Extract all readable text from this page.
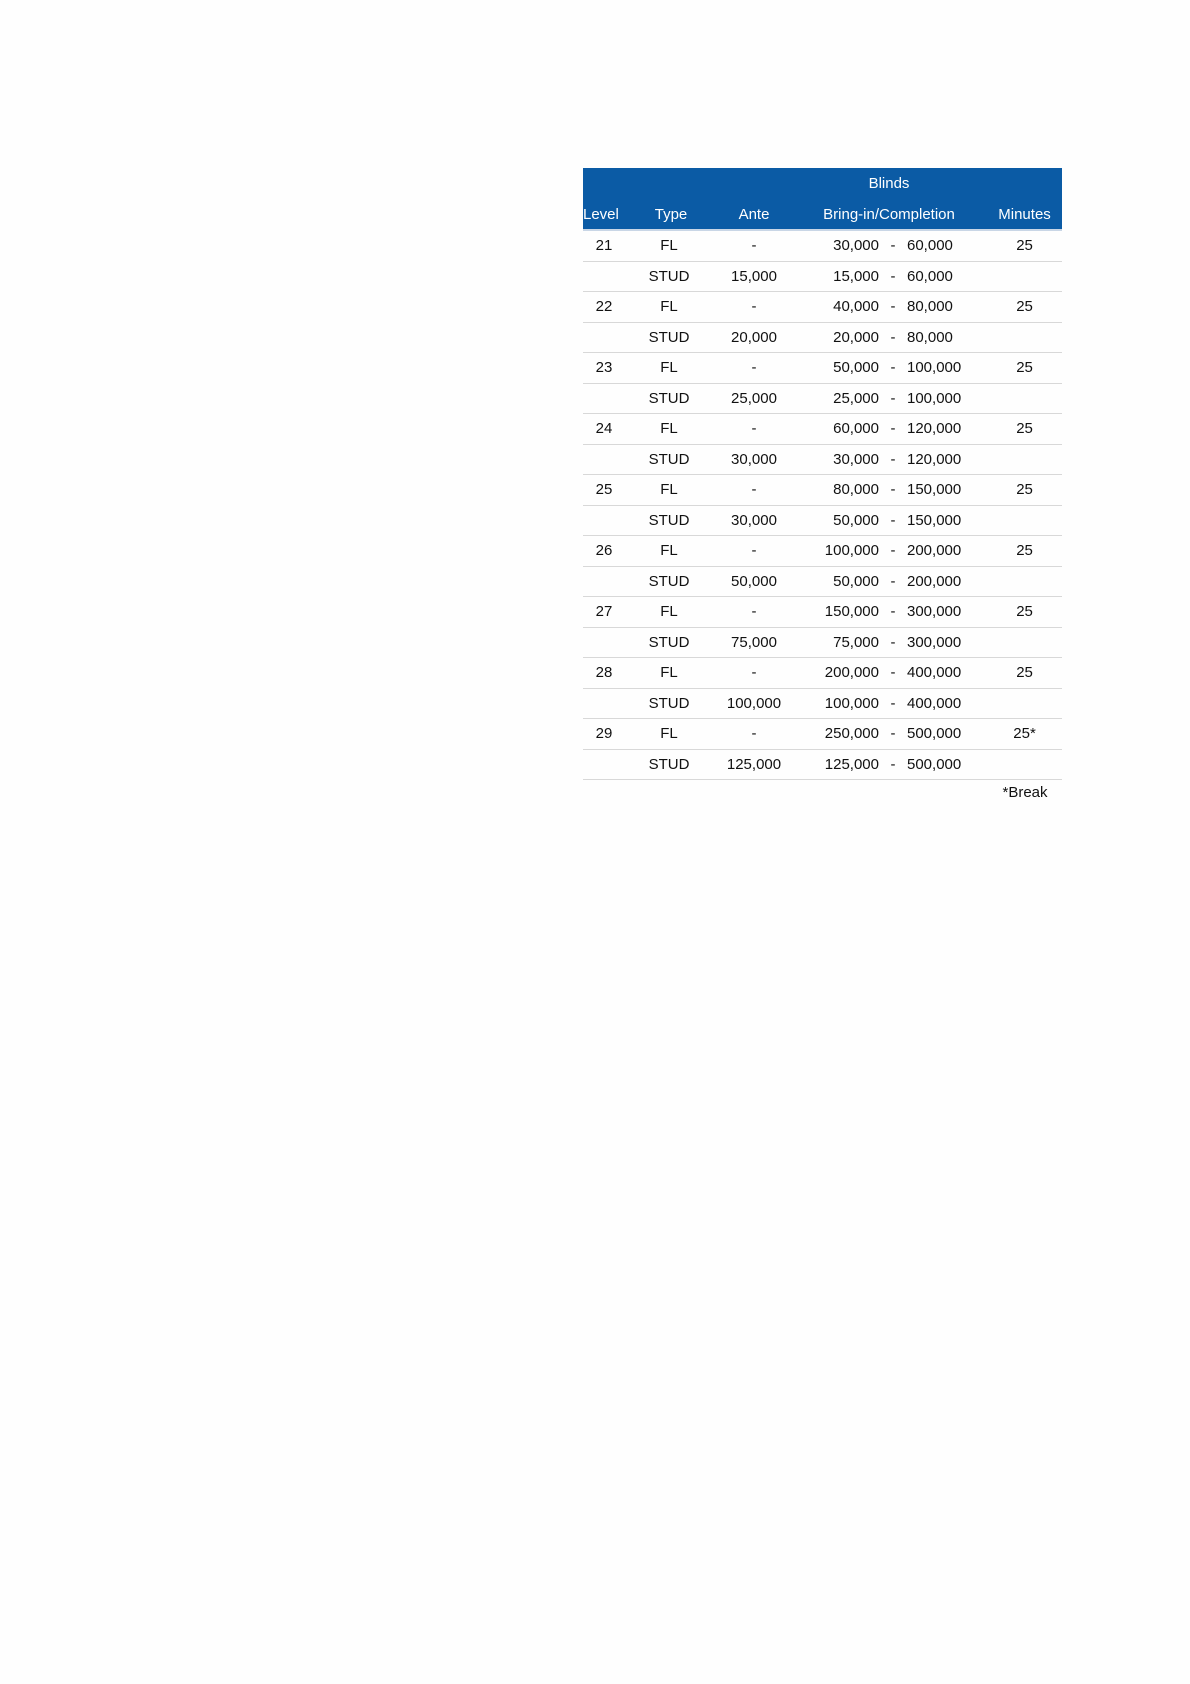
			Blinds			
Level	Type	Ante	Bring-in/Completion			Minutes
21	FL	-	30,000	-	60,000	25
	STUD	15,000	15,000	-	60,000	
22	FL	-	40,000	-	80,000	25
	STUD	20,000	20,000	-	80,000	
23	FL	-	50,000	-	100,000	25
	STUD	25,000	25,000	-	100,000	
24	FL	-	60,000	-	120,000	25
	STUD	30,000	30,000	-	120,000	
25	FL	-	80,000	-	150,000	25
	STUD	30,000	50,000	-	150,000	
26	FL	-	100,000	-	200,000	25
	STUD	50,000	50,000	-	200,000	
27	FL	-	150,000	-	300,000	25
	STUD	75,000	75,000	-	300,000	
28	FL	-	200,000	-	400,000	25
	STUD	100,000	100,000	-	400,000	
29	FL	-	250,000	-	500,000	25*
	STUD	125,000	125,000	-	500,000	
*Break
